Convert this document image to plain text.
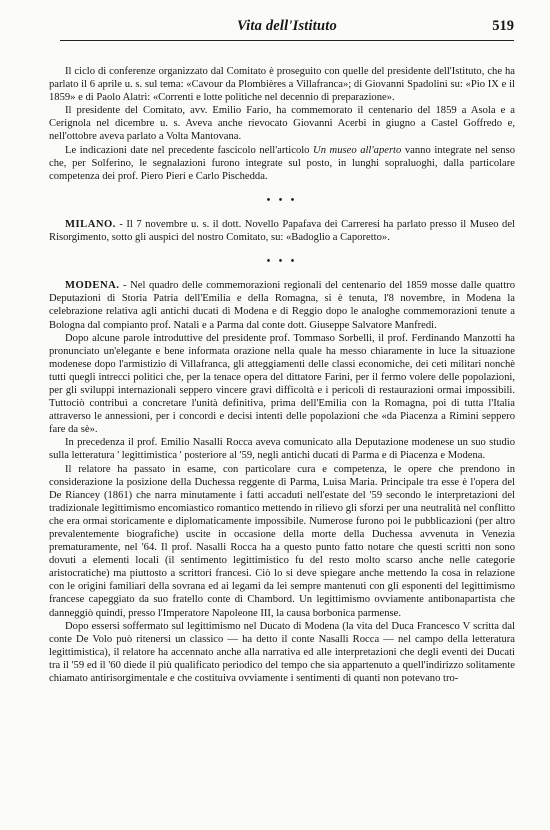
Vita dell'Istituto	519

Il ciclo di conferenze organizzato dal Comitato è proseguito con quelle del presidente dell'Istituto, che ha parlato il 6 aprile u. s. sul tema: «Cavour da Plombières a Villafranca»; di Giovanni Spadolini su: «Pio IX e il 1859» e di Paolo Alatri: «Correnti e lotte politiche nel decennio di preparazione».

Il presidente del Comitato, avv. Emilio Fario, ha commemorato il centenario del 1859 a Asola e a Cerignola nel dicembre u. s. Aveva anche rievocato Giovanni Acerbi in giugno a Castel Goffredo e, nell'ottobre aveva parlato a Volta Mantovana.

Le indicazioni date nel precedente fascicolo nell'articolo Un museo all'aperto vanno integrate nel senso che, per Solferino, le segnalazioni furono integrate sul posto, in lunghi sopraluoghi, dalla particolare competenza dei prof. Piero Pieri e Carlo Pischedda.

• • •

MILANO. - Il 7 novembre u. s. il dott. Novello Papafava dei Carreresi ha parlato presso il Museo del Risorgimento, sotto gli auspici del nostro Comitato, su: «Badoglio a Caporetto».

• • •

MODENA. - Nel quadro delle commemorazioni regionali del centenario del 1859 mosse dalle quattro Deputazioni di Storia Patria dell'Emilia e della Romagna, si è tenuta, l'8 novembre, in Modena la celebrazione relativa agli antichi ducati di Modena e di Reggio dopo le analoghe commemorazioni tenute a Bologna dal compianto prof. Natali e a Parma dal conte dott. Giuseppe Salvatore Manfredi.

Dopo alcune parole introduttive del presidente prof. Tommaso Sorbelli, il prof. Ferdinando Manzotti ha pronunciato un'elegante e bene informata orazione nella quale ha messo chiaramente in luce la situazione modenese dopo l'armistizio di Villafranca, gli atteggiamenti delle classi economiche, dei ceti militari nonchè tutti quegli intrecci politici che, per la tenace opera del dittatore Farini, per il fermo volere delle popolazioni, per gli sviluppi internazionali seppero vincere gravi difficoltà e i pericoli di restaurazioni ormai impossibili. Tuttociò contribuì a concretare l'unità definitiva, prima dell'Emilia con la Romagna, poi di tutta l'Italia attraverso le annessioni, per i concordi e decisi intenti delle popolazioni che «da Piacenza a Rimini seppero fare da sè».

In precedenza il prof. Emilio Nasalli Rocca aveva comunicato alla Deputazione modenese un suo studio sulla letteratura ' legittimistica ' posteriore al '59, negli antichi ducati di Parma e di Piacenza e Modena.

Il relatore ha passato in esame, con particolare cura e competenza, le opere che prendono in considerazione la posizione della Duchessa reggente di Parma, Luisa Maria. Principale tra esse è l'opera del De Riancey (1861) che narra minutamente i fatti accaduti nell'estate del '59 secondo le interpretazioni del tradizionale legittimismo encomiastico romantico mettendo in rilievo gli sforzi per una neutralità nel conflitto che era ormai storicamente e diplomaticamente impossibile. Numerose furono poi le pubblicazioni (per altro prevalentemente biografiche) uscite in occasione della morte della Duchessa avvenuta in Venezia prematuramente, nel '64. Il prof. Nasalli Rocca ha a questo punto fatto notare che questi scritti non sono dovuti a elementi locali (il sentimento legittimistico fu del resto molto scarso anche nelle categorie aristocratiche) ma piuttosto a scrittori francesi. Ciò lo si deve spiegare anche mettendo la cosa in relazione con le origini familiari della sovrana ed ai legami da lei sempre mantenuti con gli esponenti del legittimismo francese capeggiato da suo fratello conte di Chambord. Un legittimismo ovviamente antibonapartista che danneggiò quindi, presso l'Imperatore Napoleone III, la causa borbonica parmense.

Dopo essersi soffermato sul legittimismo nel Ducato di Modena (la vita del Duca Francesco V scritta dal conte De Volo può ritenersi un classico — ha detto il conte Nasalli Rocca — nel campo della letteratura legittimistica), il relatore ha accennato anche alla narrativa ed alle interpretazioni che degli eventi dei Ducati tra il '59 ed il '60 diede il più qualificato periodico del tempo che sia appartenuto a quell'indirizzo solitamente chiamato antirisorgimentale e che costituiva ovviamente i sentimenti di quanti non potevano tro-
